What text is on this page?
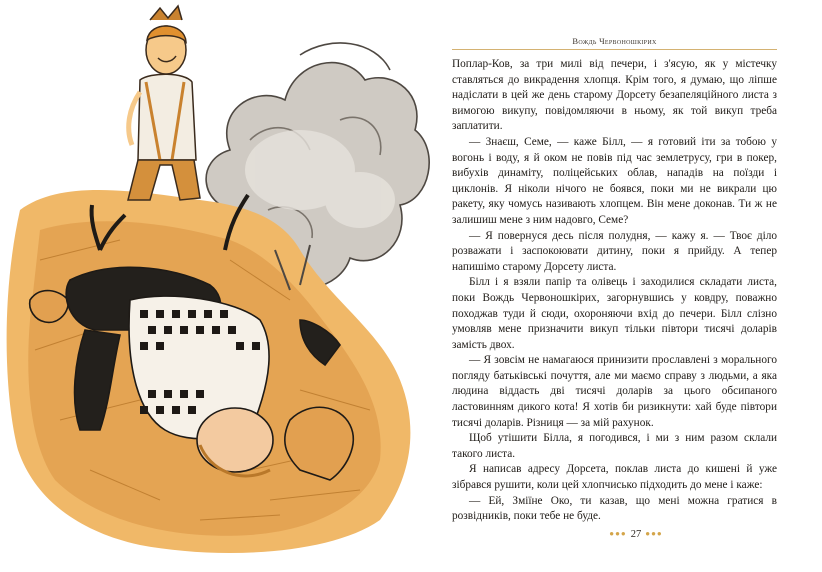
Вождь Червоношкірих

Поплар-Ков, за три милі від печери, і з'ясую, як у містечку ставляться до викрадення хлопця. Крім того, я думаю, що ліпше надіслати в цей же день старому Дорсету безапеляційного листа з вимогою викупу, повідомляючи в ньому, як той викуп треба заплатити.

— Знаєш, Семе, — каже Білл, — я готовий іти за тобою у вогонь і воду, я й оком не повів під час землетрусу, гри в покер, вибухів динаміту, поліцейських облав, нападів на поїзди і циклонів. Я ніколи нічого не боявся, поки ми не викрали цю ракету, яку чомусь називають хлопцем. Він мене доконав. Ти ж не залишиш мене з ним надовго, Семе?

— Я повернуся десь після полудня, — кажу я. — Твоє діло розважати і заспокоювати дитину, поки я прийду. А тепер напишімо старому Дорсету листа.

Білл і я взяли папір та олівець і заходилися складати листа, поки Вождь Червоношкірих, загорнувшись у ковдру, поважно походжав туди й сюди, охороняючи вхід до печери. Білл слізно умовляв мене призначити викуп тільки півтори тисячі доларів замість двох.

— Я зовсім не намагаюся принизити прославлені з морального погляду батьківські почуття, але ми маємо справу з людьми, а яка людина віддасть дві тисячі доларів за цього обсипаного ластовинням дикого кота! Я хотів би ризикнути: хай буде півтори тисячі доларів. Різниця — за мій рахунок.

Щоб утішити Білла, я погодився, і ми з ним разом склали такого листа.

Я написав адресу Дорсета, поклав листа до кишені й уже зібрався рушити, коли цей хлопчисько підходить до мене і каже:

— Ей, Зміїне Око, ти казав, що мені можна гратися в розвідників, поки тебе не буде.

●●● 27 ●●●
